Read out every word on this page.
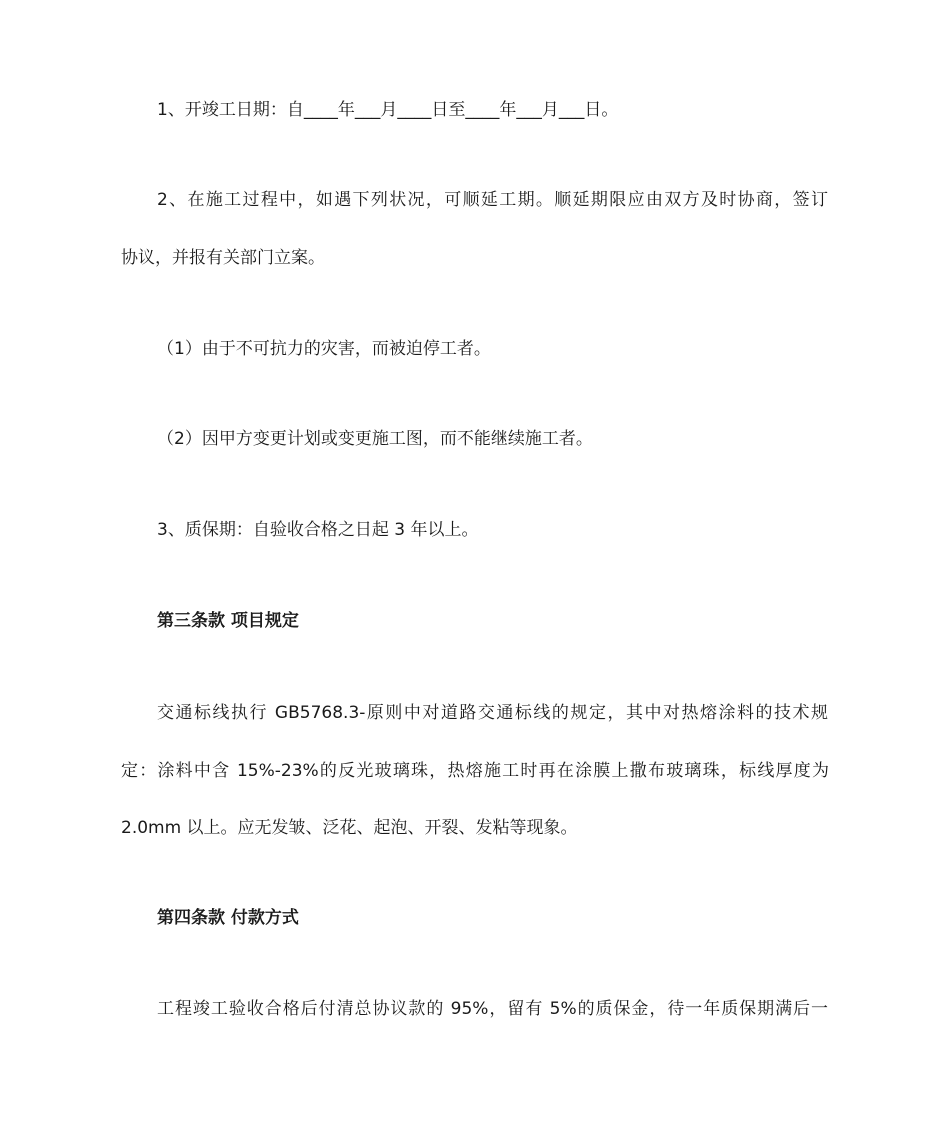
1、开竣工日期：自____年___月____日至____年___月___日。
2、在施工过程中，如遇下列状况，可顺延工期。顺延期限应由双方及时协商，签订
协议，并报有关部门立案。
（1）由于不可抗力的灾害，而被迫停工者。
（2）因甲方变更计划或变更施工图，而不能继续施工者。
3、质保期：自验收合格之日起 3 年以上。
第三条款 项目规定
交通标线执行 GB5768.3-原则中对道路交通标线的规定，其中对热熔涂料的技术规
定：涂料中含 15%-23%的反光玻璃珠，热熔施工时再在涂膜上撒布玻璃珠，标线厚度为
2.0mm 以上。应无发皱、泛花、起泡、开裂、发粘等现象。
第四条款 付款方式
工程竣工验收合格后付清总协议款的 95%，留有 5%的质保金，待一年质保期满后一
